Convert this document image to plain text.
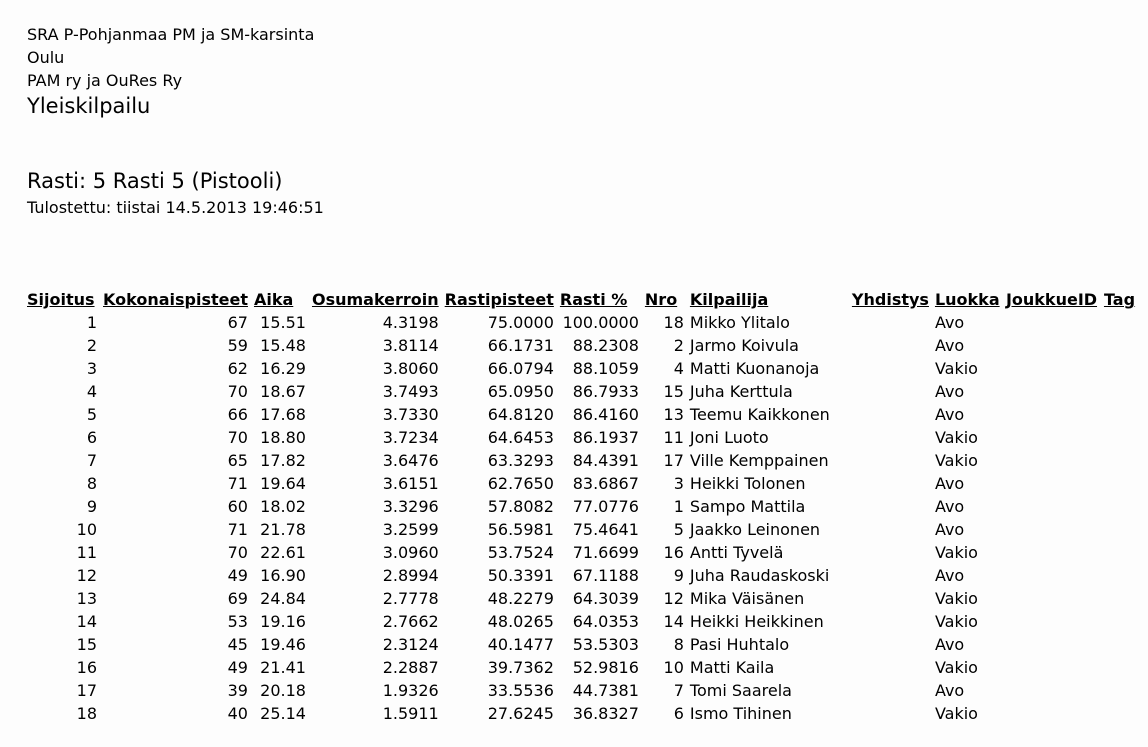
SRA P-Pohjanmaa PM ja SM-karsinta
Oulu
PAM ry ja OuRes Ry
Yleiskilpailu
Rasti: 5 Rasti 5 (Pistooli)
Tulostettu: tiistai 14.5.2013 19:46:51
Sijoitus	Kokonaispisteet	Aika	Osumakerroin	Rastipisteet	Rasti %	Nro	Kilpailija	Yhdistys	Luokka	JoukkueID	Tag
1	67	15.51	4.3198	75.0000	100.0000	18	Mikko Ylitalo		Avo		
2	59	15.48	3.8114	66.1731	88.2308	2	Jarmo Koivula		Avo		
3	62	16.29	3.8060	66.0794	88.1059	4	Matti Kuonanoja		Vakio		
4	70	18.67	3.7493	65.0950	86.7933	15	Juha Kerttula		Avo		
5	66	17.68	3.7330	64.8120	86.4160	13	Teemu Kaikkonen		Avo		
6	70	18.80	3.7234	64.6453	86.1937	11	Joni Luoto		Vakio		
7	65	17.82	3.6476	63.3293	84.4391	17	Ville Kemppainen		Vakio		
8	71	19.64	3.6151	62.7650	83.6867	3	Heikki Tolonen		Avo		
9	60	18.02	3.3296	57.8082	77.0776	1	Sampo Mattila		Avo		
10	71	21.78	3.2599	56.5981	75.4641	5	Jaakko Leinonen		Avo		
11	70	22.61	3.0960	53.7524	71.6699	16	Antti Tyvelä		Vakio		
12	49	16.90	2.8994	50.3391	67.1188	9	Juha Raudaskoski		Avo		
13	69	24.84	2.7778	48.2279	64.3039	12	Mika Väisänen		Vakio		
14	53	19.16	2.7662	48.0265	64.0353	14	Heikki Heikkinen		Vakio		
15	45	19.46	2.3124	40.1477	53.5303	8	Pasi Huhtalo		Avo		
16	49	21.41	2.2887	39.7362	52.9816	10	Matti Kaila		Vakio		
17	39	20.18	1.9326	33.5536	44.7381	7	Tomi Saarela		Avo		
18	40	25.14	1.5911	27.6245	36.8327	6	Ismo Tihinen		Vakio		
